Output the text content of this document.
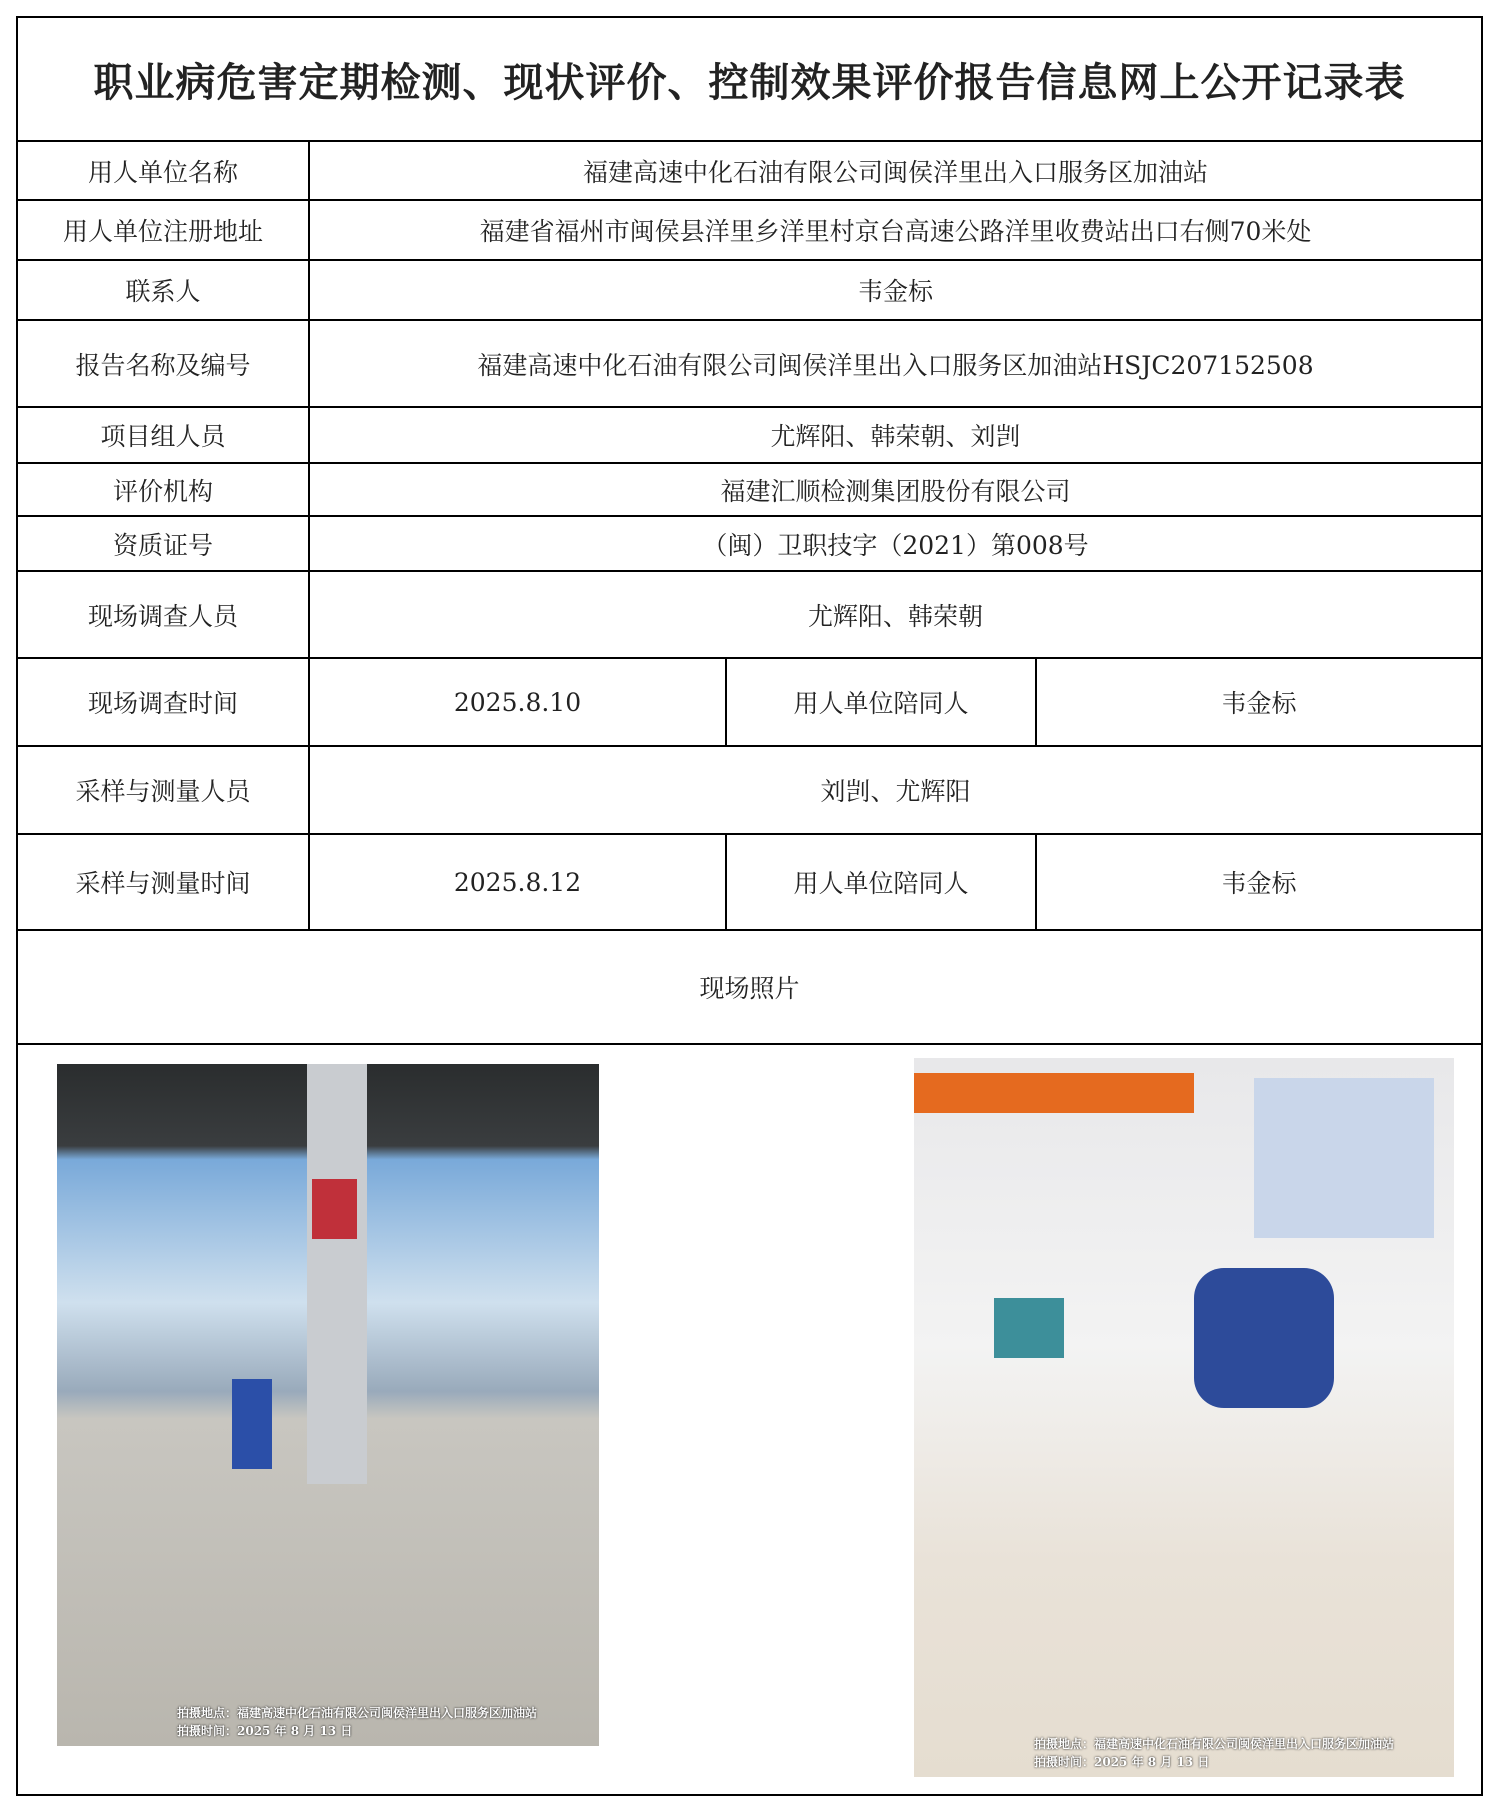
职业病危害定期检测、现状评价、控制效果评价报告信息网上公开记录表			
用人单位名称	福建高速中化石油有限公司闽侯洋里出入口服务区加油站		
用人单位注册地址	福建省福州市闽侯县洋里乡洋里村京台高速公路洋里收费站出口右侧70米处		
联系人	韦金标		
报告名称及编号	福建高速中化石油有限公司闽侯洋里出入口服务区加油站HSJC207152508		
项目组人员	尤辉阳、韩荣朝、刘剀		
评价机构	福建汇顺检测集团股份有限公司		
资质证号	（闽）卫职技字（2021）第008号		
现场调查人员	尤辉阳、韩荣朝		
现场调查时间	2025.8.10	用人单位陪同人	韦金标
采样与测量人员	刘剀、尤辉阳		
采样与测量时间	2025.8.12	用人单位陪同人	韦金标
现场照片			
拍摄地点：福建高速中化石油有限公司闽侯洋里出入口服务区加油站
拍摄时间：2025 年 8 月 13 日
拍摄地点：福建高速中化石油有限公司闽侯洋里出入口服务区加油站
拍摄时间：2025 年 8 月 13 日
